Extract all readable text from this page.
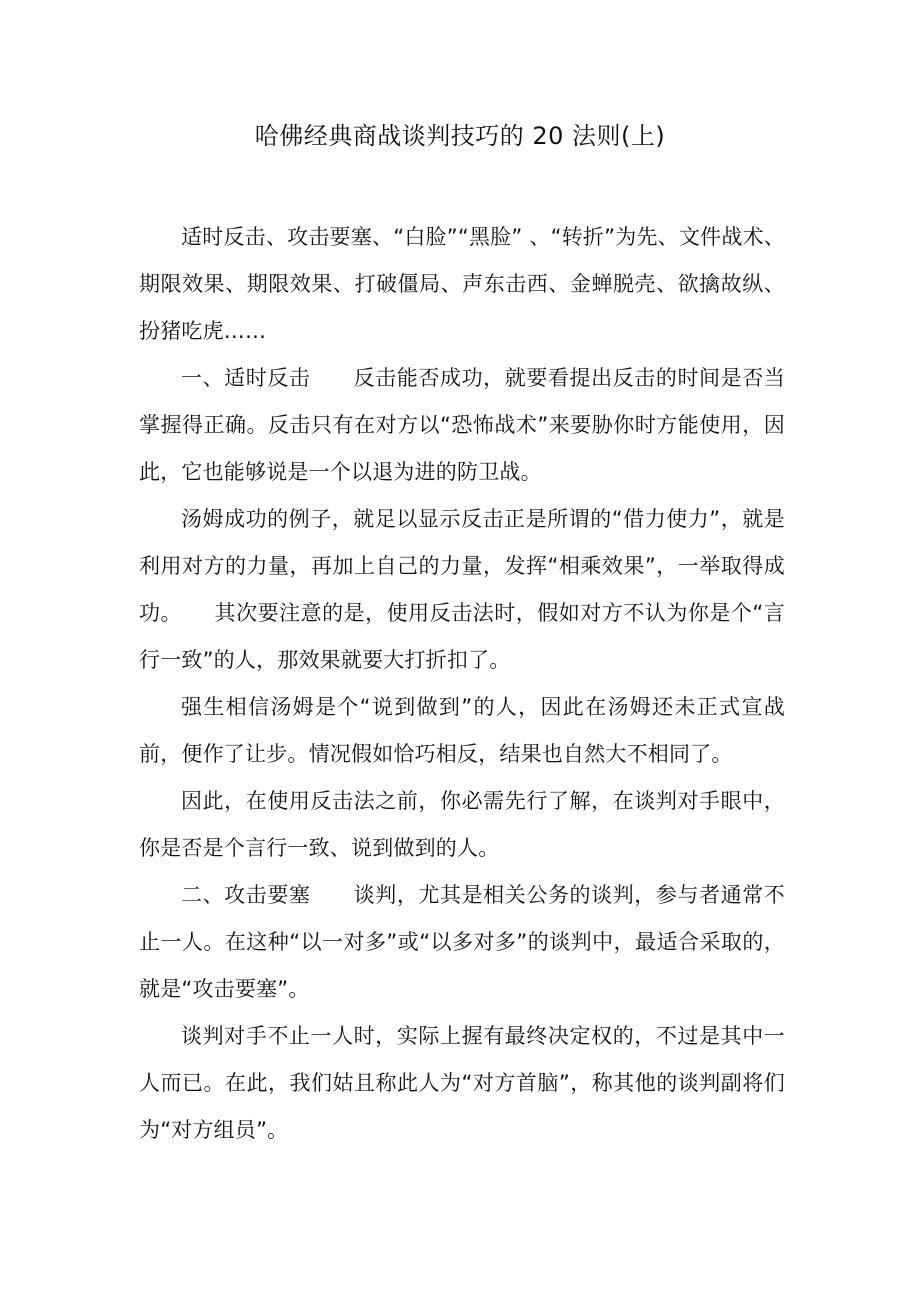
哈佛经典商战谈判技巧的 20 法则(上)

适时反击、攻击要塞、“白脸”“黑脸” 、“转折”为先、文件战术、期限效果、期限效果、打破僵局、声东击西、金蝉脱壳、欲擒故纵、扮猪吃虎……

一、适时反击　　反击能否成功，就要看提出反击的时间是否当掌握得正确。反击只有在对方以“恐怖战术”来要胁你时方能使用，因此，它也能够说是一个以退为进的防卫战。

汤姆成功的例子，就足以显示反击正是所谓的“借力使力”，就是利用对方的力量，再加上自己的力量，发挥“相乘效果”，一举取得成功。　　其次要注意的是，使用反击法时，假如对方不认为你是个“言行一致”的人，那效果就要大打折扣了。

强生相信汤姆是个“说到做到”的人，因此在汤姆还未正式宣战前，便作了让步。情况假如恰巧相反，结果也自然大不相同了。

因此，在使用反击法之前，你必需先行了解，在谈判对手眼中，你是否是个言行一致、说到做到的人。

二、攻击要塞　　谈判，尤其是相关公务的谈判，参与者通常不止一人。在这种“以一对多”或“以多对多”的谈判中，最适合采取的，就是“攻击要塞”。

谈判对手不止一人时，实际上握有最终决定权的，不过是其中一人而已。在此，我们姑且称此人为“对方首脑”，称其他的谈判副将们为“对方组员”。
